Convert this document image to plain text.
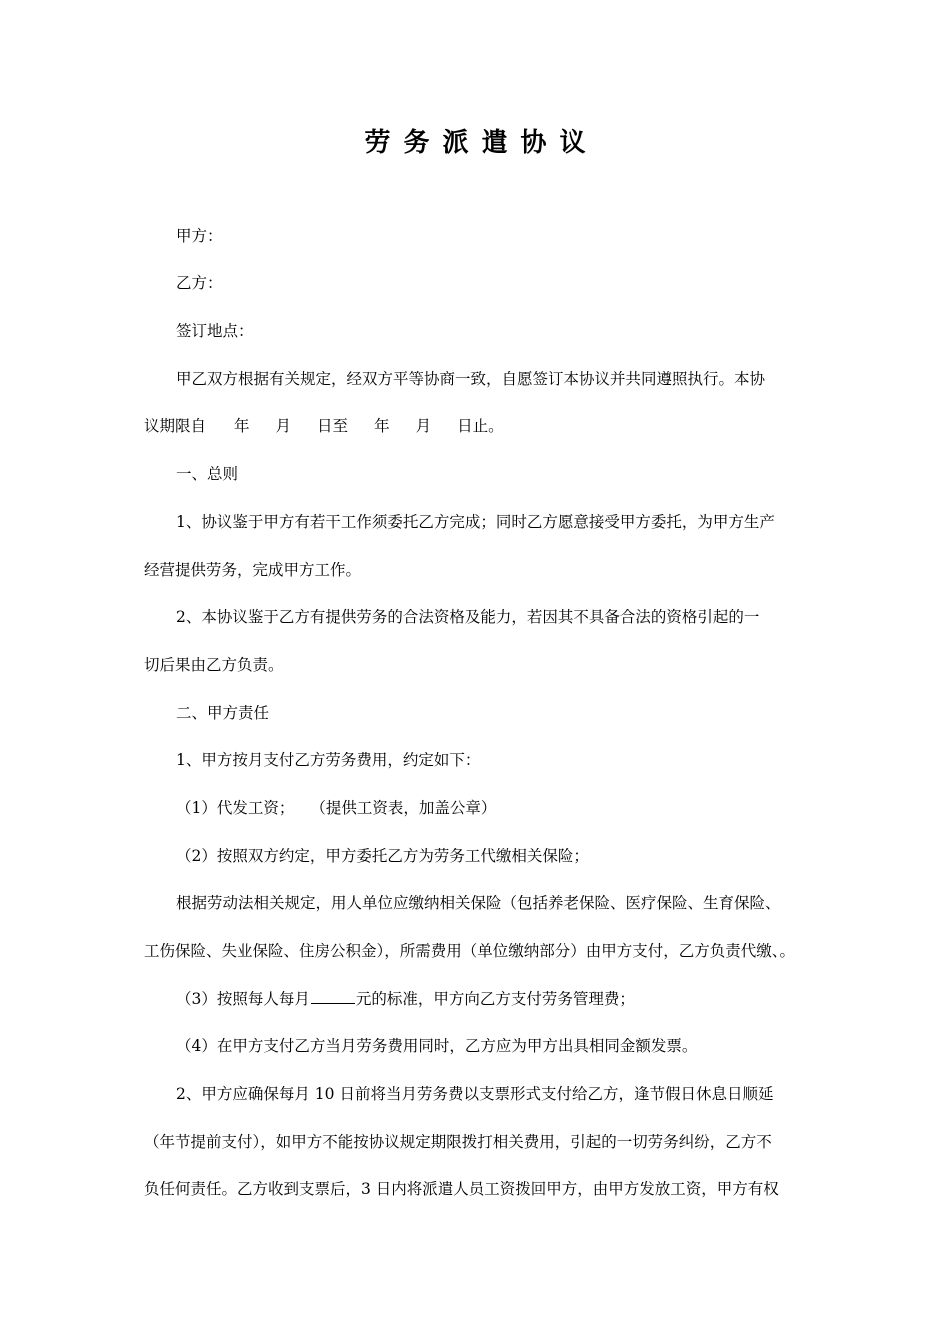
劳务派遣协议
甲方：
乙方：
签订地点：
甲乙双方根据有关规定，经双方平等协商一致，自愿签订本协议并共同遵照执行。本协
议期限自 年 月 日至 年 月 日止。
一、总则
1、协议鉴于甲方有若干工作须委托乙方完成；同时乙方愿意接受甲方委托，为甲方生产
经营提供劳务，完成甲方工作。
2、本协议鉴于乙方有提供劳务的合法资格及能力，若因其不具备合法的资格引起的一
切后果由乙方负责。
二、甲方责任
1、甲方按月支付乙方劳务费用，约定如下：
（1）代发工资； （提供工资表，加盖公章）
（2）按照双方约定，甲方委托乙方为劳务工代缴相关保险；
根据劳动法相关规定，用人单位应缴纳相关保险（包括养老保险、医疗保险、生育保险、
工伤保险、失业保险、住房公积金），所需费用（单位缴纳部分）由甲方支付，乙方负责代缴、。
（3）按照每人每月	元的标准，甲方向乙方支付劳务管理费；
（4）在甲方支付乙方当月劳务费用同时，乙方应为甲方出具相同金额发票。
2、甲方应确保每月 10 日前将当月劳务费以支票形式支付给乙方，逢节假日休息日顺延
（年节提前支付），如甲方不能按协议规定期限拨打相关费用，引起的一切劳务纠纷，乙方不
负任何责任。乙方收到支票后，3 日内将派遣人员工资拨回甲方，由甲方发放工资，甲方有权
